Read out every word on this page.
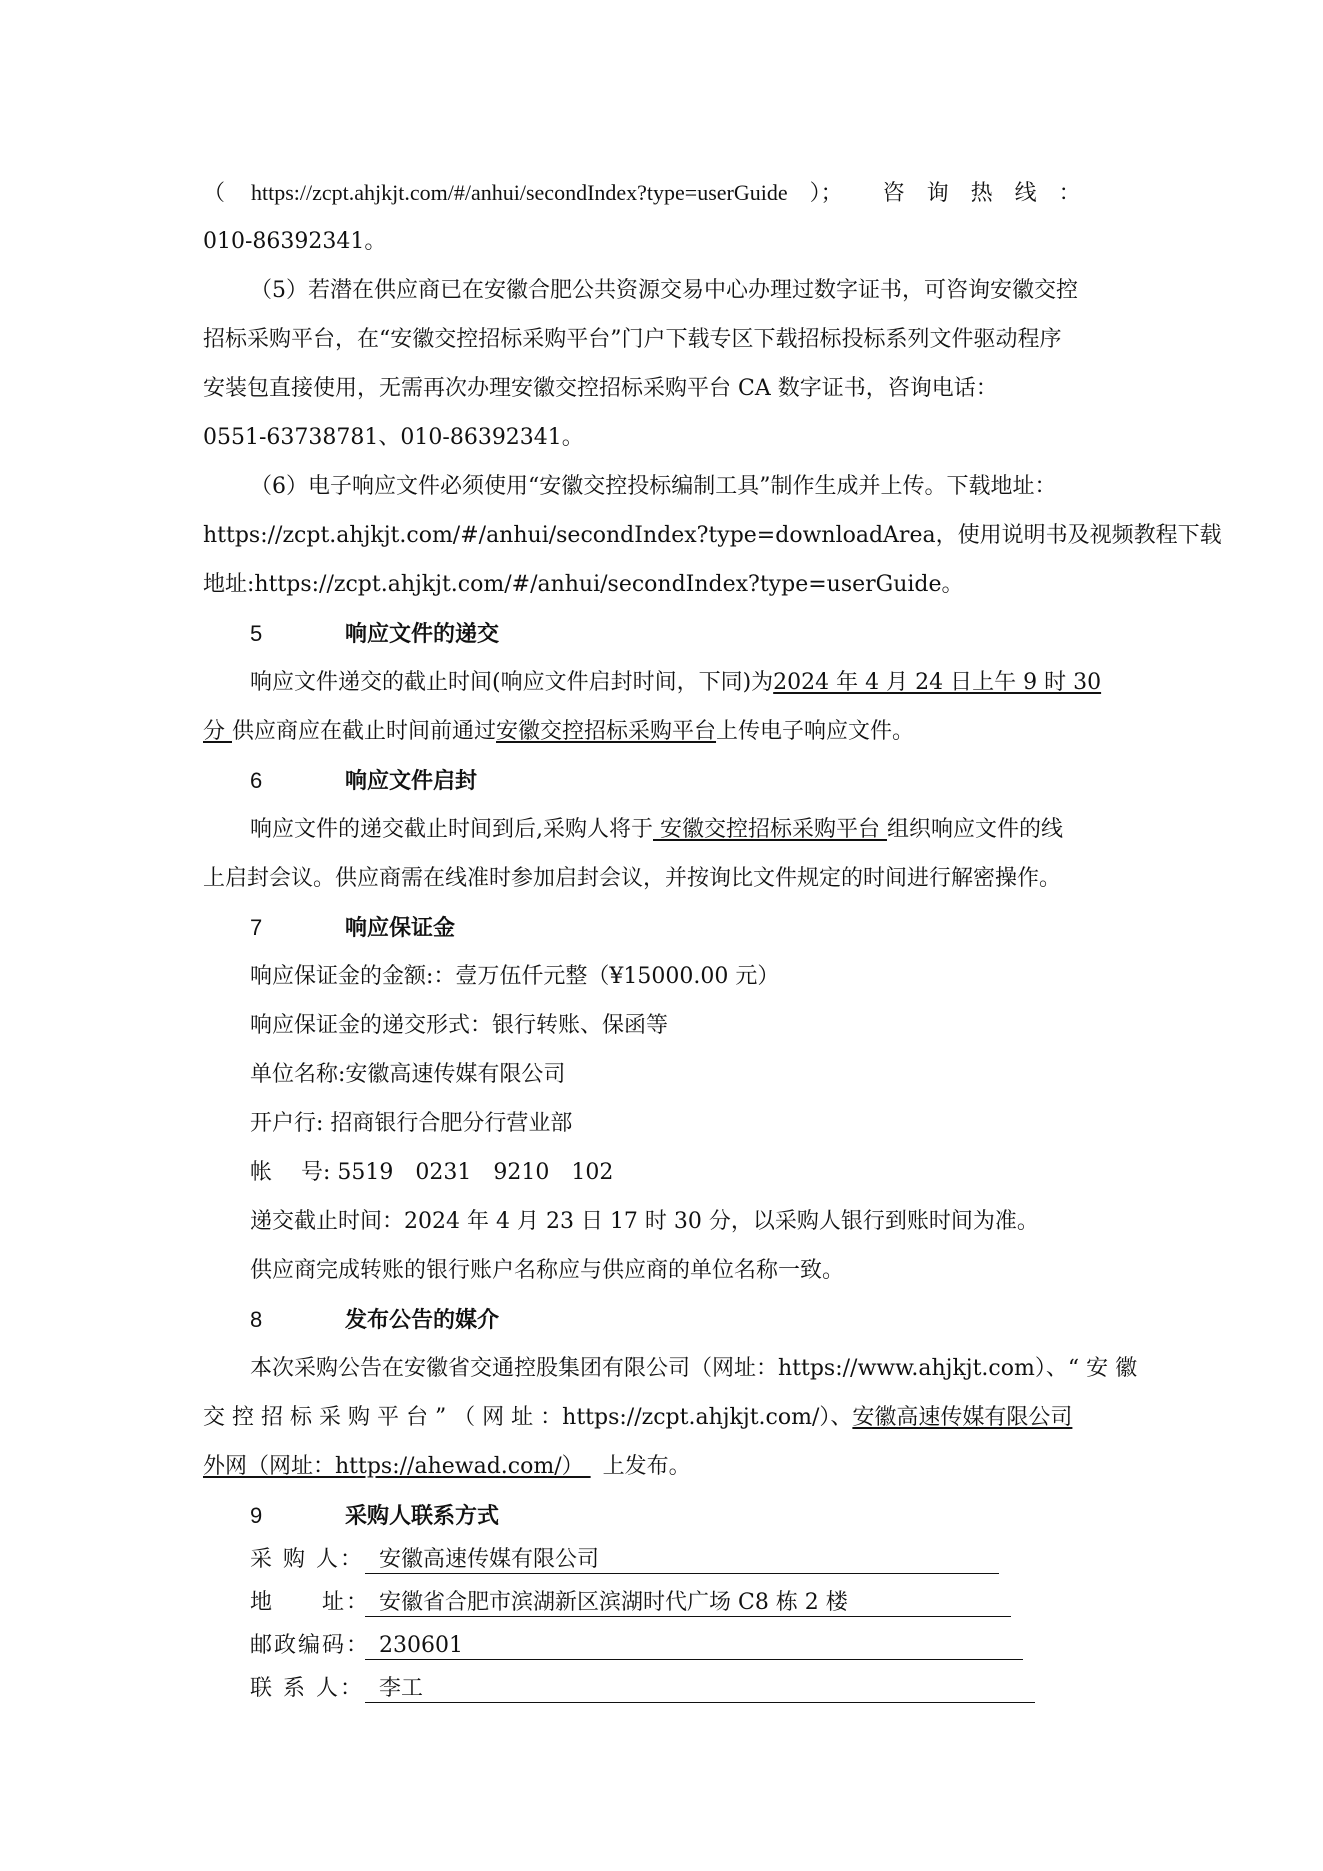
（ https://zcpt.ahjkjt.com/#/anhui/secondIndex?type=userGuide ）； 咨　询　热　线　：
010-86392341。
（5）若潜在供应商已在安徽合肥公共资源交易中心办理过数字证书，可咨询安徽交控
招标采购平台，在“安徽交控招标采购平台”门户下载专区下载招标投标系列文件驱动程序
安装包直接使用，无需再次办理安徽交控招标采购平台 CA 数字证书，咨询电话：
0551-63738781、010-86392341。
（6）电子响应文件必须使用“安徽交控投标编制工具”制作生成并上传。下载地址：
https://zcpt.ahjkjt.com/#/anhui/secondIndex?type=downloadArea，使用说明书及视频教程下载
地址:https://zcpt.ahjkjt.com/#/anhui/secondIndex?type=userGuide。
5	响应文件的递交
响应文件递交的截止时间(响应文件启封时间，下同)为2024 年 4 月 24 日上午 9 时 30
分 供应商应在截止时间前通过安徽交控招标采购平台上传电子响应文件。
6	响应文件启封
响应文件的递交截止时间到后,采购人将于 安徽交控招标采购平台 组织响应文件的线
上启封会议。供应商需在线准时参加启封会议，并按询比文件规定的时间进行解密操作。
7	响应保证金
响应保证金的金额:：壹万伍仟元整（¥15000.00 元）
响应保证金的递交形式：银行转账、保函等
单位名称:安徽高速传媒有限公司
开户行: 招商银行合肥分行营业部
帐　 号: 5519　0231　9210　102
递交截止时间：2024 年 4 月 23 日 17 时 30 分，以采购人银行到账时间为准。
供应商完成转账的银行账户名称应与供应商的单位名称一致。
8	发布公告的媒介
本次采购公告在安徽省交通控股集团有限公司（网址：https://www.ahjkjt.com）、“ 安 徽
交 控 招 标 采 购 平 台 ” （ 网 址 ：https://zcpt.ahjkjt.com/）、安徽高速传媒有限公司
外网（网址：https://ahewad.com/） 上发布。
9	采购人联系方式
采 购 人： 安徽高速传媒有限公司
地　　址： 安徽省合肥市滨湖新区滨湖时代广场 C8 栋 2 楼
邮政编码： 230601
联 系 人： 李工
